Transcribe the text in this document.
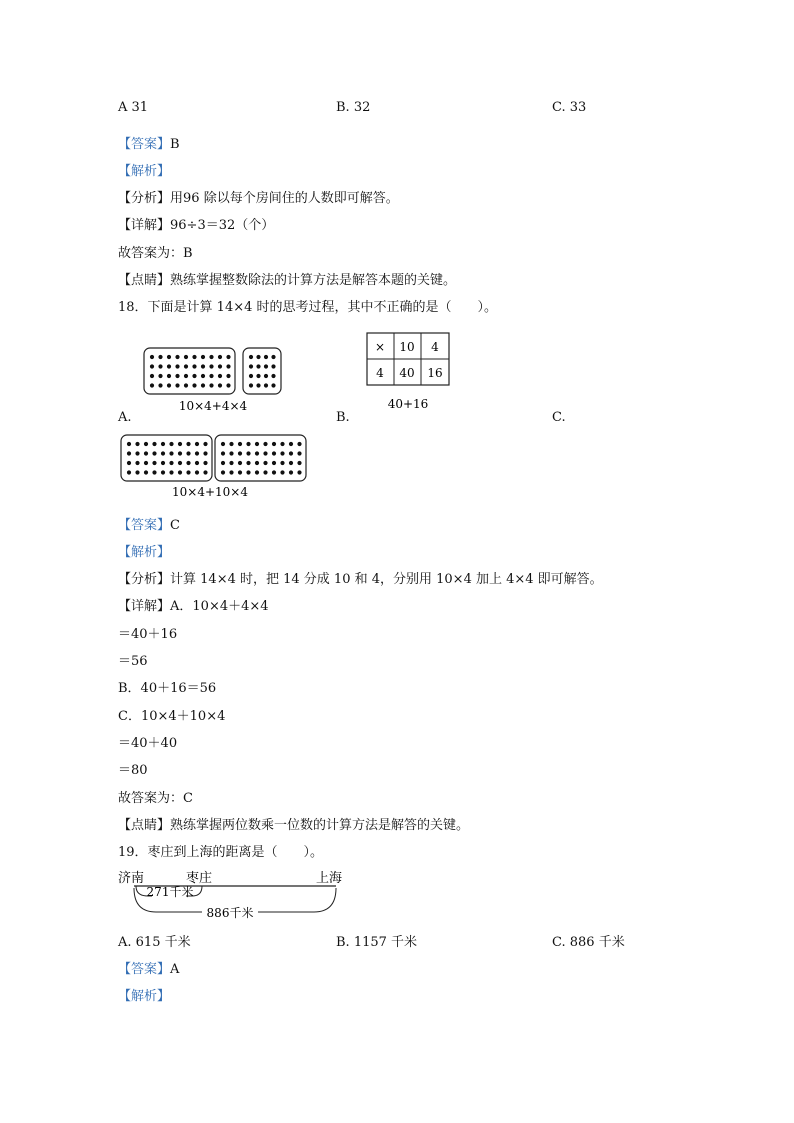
A 31	B. 32	C. 33
【答案】B
【解析】
【分析】用96 除以每个房间住的人数即可解答。
【详解】96÷3＝32（个）
故答案为：B
【点睛】熟练掌握整数除法的计算方法是解答本题的关键。
18．下面是计算 14×4 时的思考过程，其中不正确的是（　　）。
10×4+4×4
× 10 4
4 40 16
40+16
A.	B.	C.
10×4+10×4
【答案】C
【解析】
【分析】计算 14×4 时，把 14 分成 10 和 4，分别用 10×4 加上 4×4 即可解答。
【详解】A．10×4＋4×4
＝40＋16
＝56
B．40＋16＝56
C．10×4＋10×4
＝40＋40
＝80
故答案为：C
【点睛】熟练掌握两位数乘一位数的计算方法是解答的关键。
19．枣庄到上海的距离是（　　）。
济南	枣庄	上海
271千米
886千米
A. 615 千米	B. 1157 千米	C. 886 千米
【答案】A
【解析】
